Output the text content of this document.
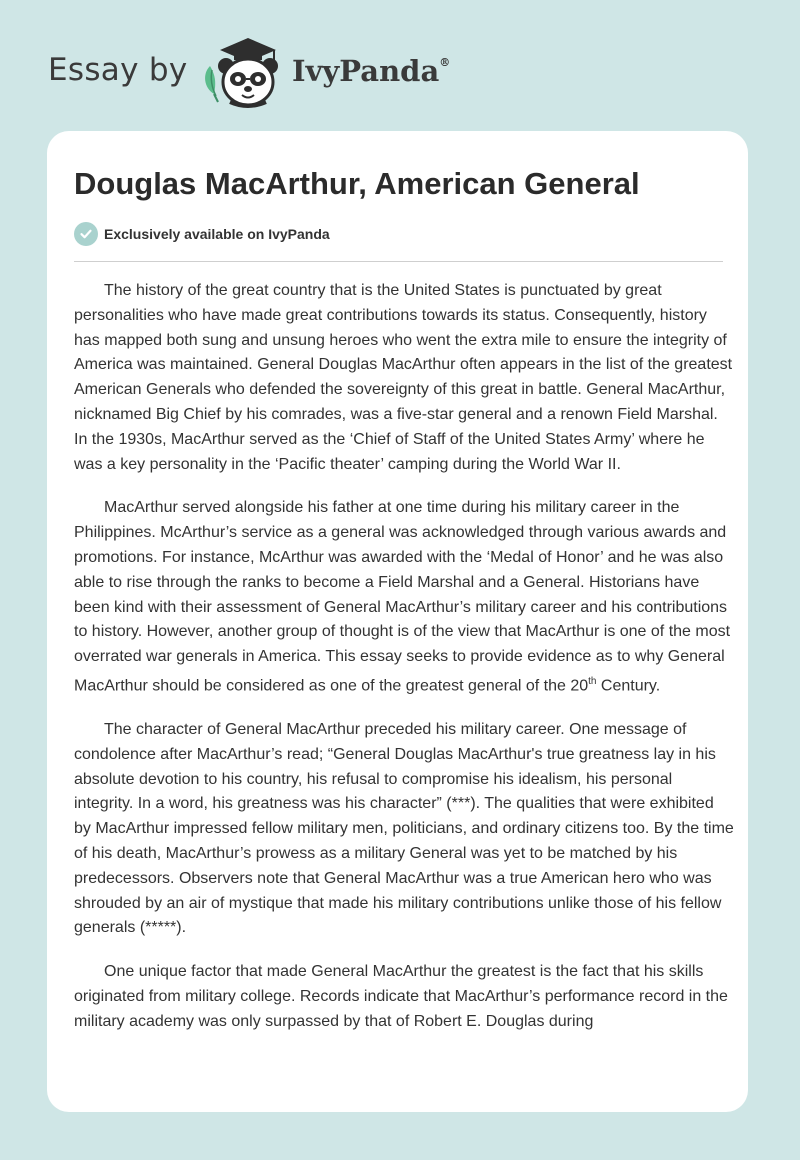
Essay by	IvyPanda®
Douglas MacArthur, American General
Exclusively available on IvyPanda

The history of the great country that is the United States is punctuated by great personalities who have made great contributions towards its status. Consequently, history has mapped both sung and unsung heroes who went the extra mile to ensure the integrity of America was maintained. General Douglas MacArthur often appears in the list of the greatest American Generals who defended the sovereignty of this great in battle. General MacArthur, nicknamed Big Chief by his comrades, was a five-star general and a renown Field Marshal. In the 1930s, MacArthur served as the ‘Chief of Staff of the United States Army’ where he was a key personality in the ‘Pacific theater’ camping during the World War II.

MacArthur served alongside his father at one time during his military career in the Philippines. McArthur’s service as a general was acknowledged through various awards and promotions. For instance, McArthur was awarded with the ‘Medal of Honor’ and he was also able to rise through the ranks to become a Field Marshal and a General. Historians have been kind with their assessment of General MacArthur’s military career and his contributions to history. However, another group of thought is of the view that MacArthur is one of the most overrated war generals in America. This essay seeks to provide evidence as to why General MacArthur should be considered as one of the greatest general of the 20th Century.

The character of General MacArthur preceded his military career. One message of condolence after MacArthur’s read; “General Douglas MacArthur's true greatness lay in his absolute devotion to his country, his refusal to compromise his idealism, his personal integrity. In a word, his greatness was his character” (***). The qualities that were exhibited by MacArthur impressed fellow military men, politicians, and ordinary citizens too. By the time of his death, MacArthur’s prowess as a military General was yet to be matched by his predecessors. Observers note that General MacArthur was a true American hero who was shrouded by an air of mystique that made his military contributions unlike those of his fellow generals (*****).

One unique factor that made General MacArthur the greatest is the fact that his skills originated from military college. Records indicate that MacArthur’s performance record in the military academy was only surpassed by that of Robert E. Douglas during
